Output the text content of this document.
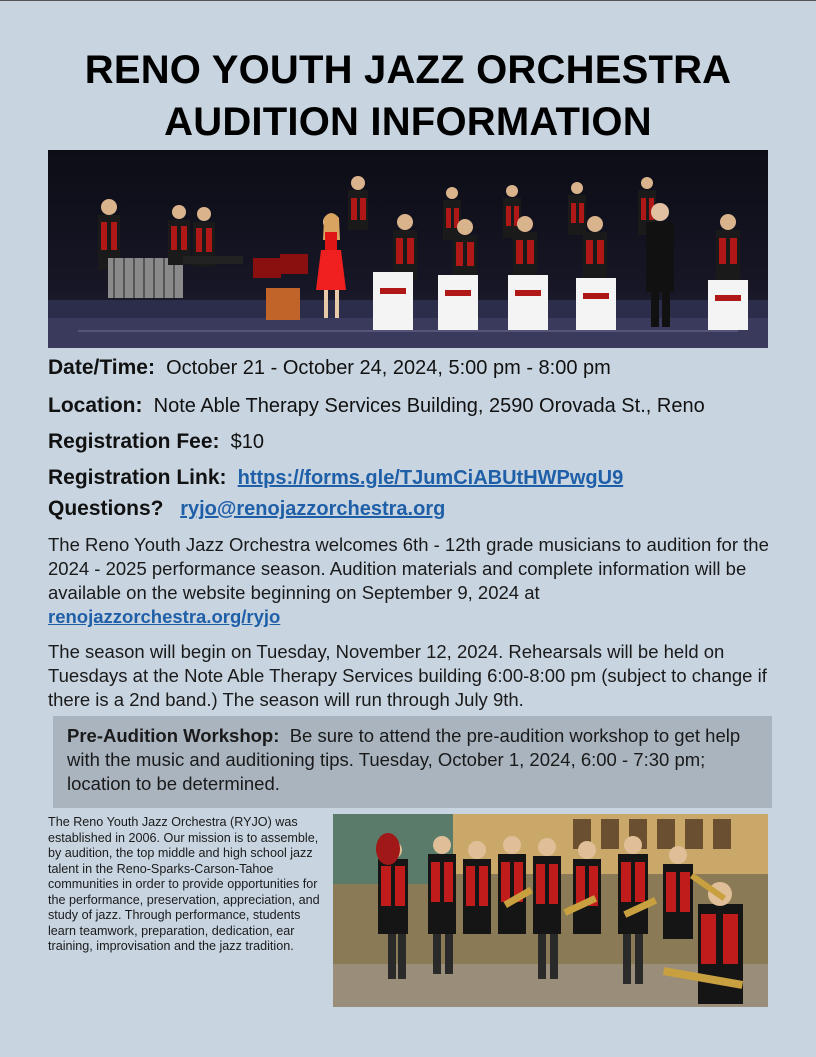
RENO YOUTH JAZZ ORCHESTRA
AUDITION INFORMATION
Date/Time: October 21 - October 24, 2024, 5:00 pm - 8:00 pm
Location: Note Able Therapy Services Building, 2590 Orovada St., Reno
Registration Fee: $10
Registration Link: https://forms.gle/TJumCiABUtHWPwgU9
Questions? ryjo@renojazzorchestra.org
The Reno Youth Jazz Orchestra welcomes 6th - 12th grade musicians to audition for the 2024 - 2025 performance season. Audition materials and complete information will be available on the website beginning on September 9, 2024 at
renojazzorchestra.org/ryjo
The season will begin on Tuesday, November 12, 2024. Rehearsals will be held on Tuesdays at the Note Able Therapy Services building 6:00-8:00 pm (subject to change if there is a 2nd band.) The season will run through July 9th.
Pre-Audition Workshop: Be sure to attend the pre-audition workshop to get help with the music and auditioning tips. Tuesday, October 1, 2024, 6:00 - 7:30 pm; location to be determined.
The Reno Youth Jazz Orchestra (RYJO) was established in 2006. Our mission is to assemble, by audition, the top middle and high school jazz talent in the Reno-Sparks-Carson-Tahoe communities in order to provide opportunities for the performance, preservation, appreciation, and study of jazz. Through performance, students learn teamwork, preparation, dedication, ear training, improvisation and the jazz tradition.
